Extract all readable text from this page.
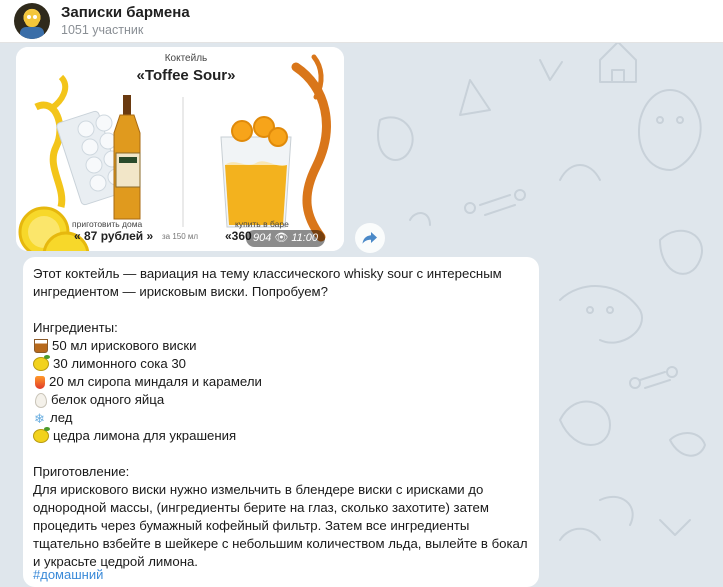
Записки бармена
1051 участник
Коктейль
«Toffee Sour»
приготовить дома
« 87 рублей » за 150 мл
купить в баре
«360 904 👁 11:00

Этот коктейль — вариация на тему классического whisky sour с интересным ингредиентом — ирисковым виски. Попробуем?

Ингредиенты:

50 мл ирискового виски
30 лимонного сока 30
20 мл сиропа миндаля и карамели
белок одного яйца
❄ лед
цедра лимона для украшения

Приготовление:

Для ирискового виски нужно измельчить в блендере виски с ирисками до однородной массы, (ингредиенты берите на глаз, сколько захотите) затем процедить через бумажный кофейный фильтр. Затем все ингредиенты тщательно взбейте в шейкере с небольшим количеством льда, вылейте в бокал и украсьте цедрой лимона.

#домашний
